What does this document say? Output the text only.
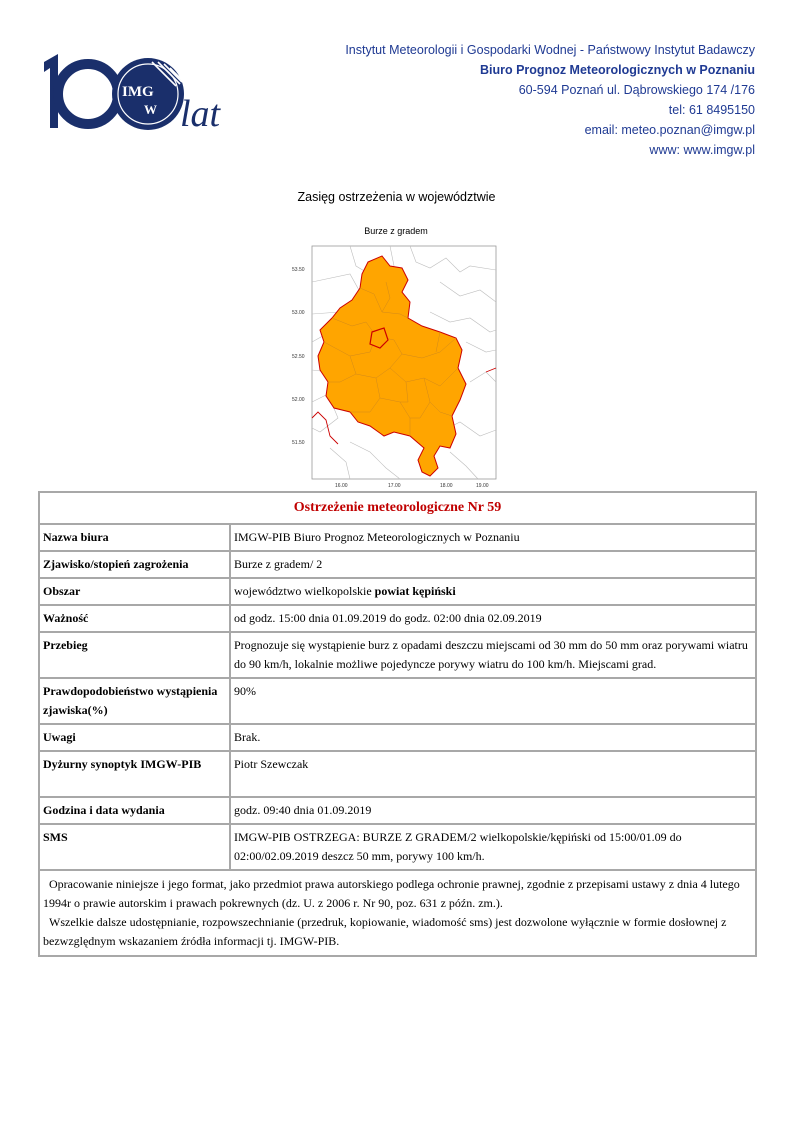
IMG
W lat
Instytut Meteorologii i Gospodarki Wodnej - Państwowy Instytut Badawczy
Biuro Prognoz Meteorologicznych w Poznaniu
60-594 Poznań ul. Dąbrowskiego 174 /176
tel: 61 8495150
email: meteo.poznan@imgw.pl
www: www.imgw.pl
Zasięg ostrzeżenia w województwie
Burze z gradem
53.50
53.00
52.50
52.00
51.50
16.00	17.00	18.00	19.00
Ostrzeżenie meteorologiczne Nr 59	
Nazwa biura	IMGW-PIB Biuro Prognoz Meteorologicznych w Poznaniu
Zjawisko/stopień zagrożenia	Burze z gradem/ 2
Obszar	województwo wielkopolskie powiat kępiński
Ważność	od godz. 15:00 dnia 01.09.2019 do godz. 02:00 dnia 02.09.2019
Przebieg	Prognozuje się wystąpienie burz z opadami deszczu miejscami od 30 mm do 50 mm oraz porywami wiatru do 90 km/h, lokalnie możliwe pojedyncze porywy wiatru do 100 km/h. Miejscami grad.
Prawdopodobieństwo wystąpienia zjawiska(%)	90%
Uwagi	Brak.
Dyżurny synoptyk IMGW-PIB	Piotr Szewczak
Godzina i data wydania	godz. 09:40 dnia 01.09.2019
SMS	IMGW-PIB OSTRZEGA: BURZE Z GRADEM/2 wielkopolskie/kępiński od 15:00/01.09 do 02:00/02.09.2019 deszcz 50 mm, porywy 100 km/h.

Opracowanie niniejsze i jego format, jako przedmiot prawa autorskiego podlega ochronie prawnej, zgodnie z przepisami ustawy z dnia 4 lutego 1994r o prawie autorskim i prawach pokrewnych (dz. U. z 2006 r. Nr 90, poz. 631 z późn. zm.).

Wszelkie dalsze udostępnianie, rozpowszechnianie (przedruk, kopiowanie, wiadomość sms) jest dozwolone wyłącznie w formie dosłownej z bezwzględnym wskazaniem źródła informacji tj. IMGW-PIB.	
